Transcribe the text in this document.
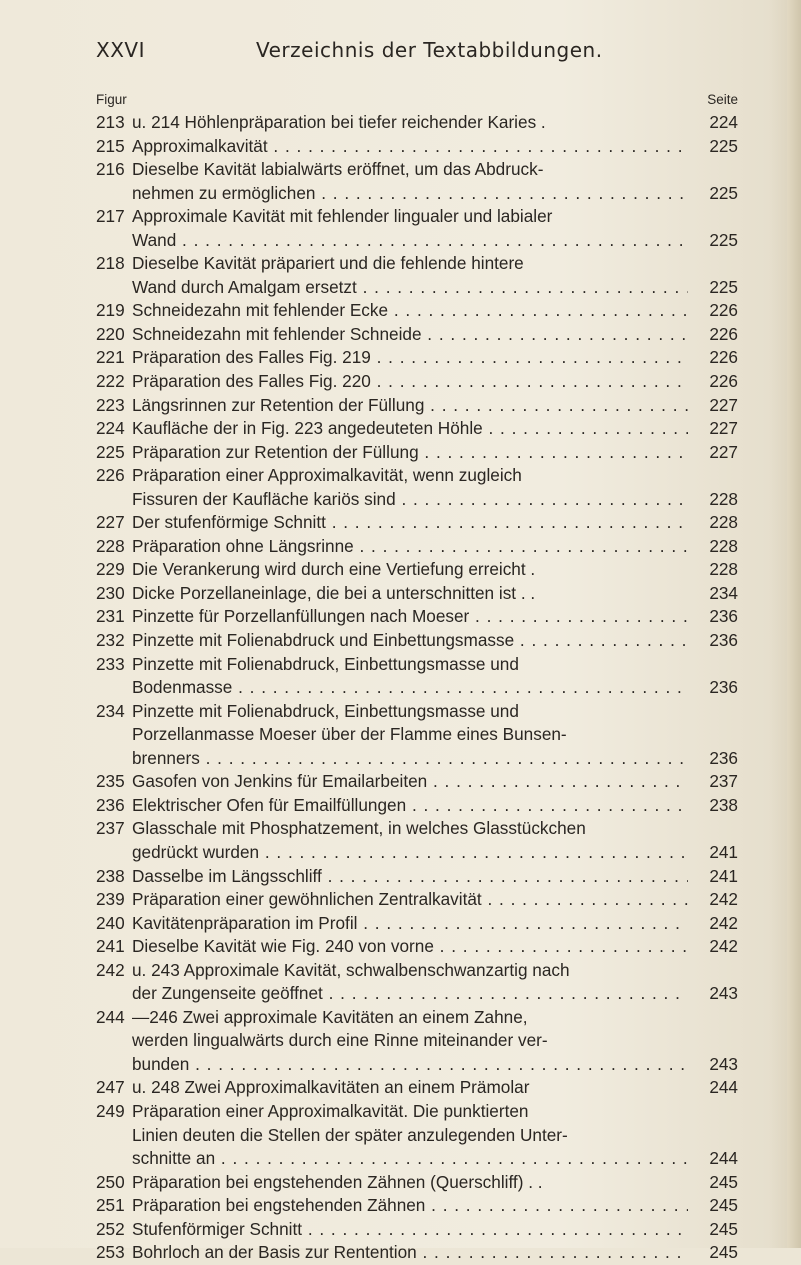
XXVI	Verzeichnis der Textabbildungen.
Figur	Seite
213 u. 214 Höhlenpräparation bei tiefer reichender Karies .	224
215 Approximalkavität . . .	225
216 Dieselbe Kavität labialwärts eröffnet, um das Abdruck-
nehmen zu ermöglichen . . .	225
217 Approximale Kavität mit fehlender lingualer und labialer
Wand . . .	225
218 Dieselbe Kavität präpariert und die fehlende hintere
Wand durch Amalgam ersetzt . . .	225
219 Schneidezahn mit fehlender Ecke . . .	226
220 Schneidezahn mit fehlender Schneide . . .	226
221 Präparation des Falles Fig. 219 . . .	226
222 Präparation des Falles Fig. 220 . . .	226
223 Längsrinnen zur Retention der Füllung . . .	227
224 Kaufläche der in Fig. 223 angedeuteten Höhle . . .	227
225 Präparation zur Retention der Füllung . . .	227
226 Präparation einer Approximalkavität, wenn zugleich
Fissuren der Kaufläche kariös sind . . .	228
227 Der stufenförmige Schnitt . . .	228
228 Präparation ohne Längsrinne . . .	228
229 Die Verankerung wird durch eine Vertiefung erreicht .	228
230 Dicke Porzellaneinlage, die bei a unterschnitten ist . .	234
231 Pinzette für Porzellanfüllungen nach Moeser . . .	236
232 Pinzette mit Folienabdruck und Einbettungsmasse . . .	236
233 Pinzette mit Folienabdruck, Einbettungsmasse und
Bodenmasse . . .	236
234 Pinzette mit Folienabdruck, Einbettungsmasse und
Porzellanmasse Moeser über der Flamme eines Bunsen-
brenners . . .	236
235 Gasofen von Jenkins für Emailarbeiten . . .	237
236 Elektrischer Ofen für Emailfüllungen . . .	238
237 Glasschale mit Phosphatzement, in welches Glasstückchen
gedrückt wurden . . .	241
238 Dasselbe im Längsschliff . . .	241
239 Präparation einer gewöhnlichen Zentralkavität . . .	242
240 Kavitätenpräparation im Profil . . .	242
241 Dieselbe Kavität wie Fig. 240 von vorne . . .	242
242 u. 243 Approximale Kavität, schwalbenschwanzartig nach
der Zungenseite geöffnet . . .	243
244 —246 Zwei approximale Kavitäten an einem Zahne,
werden lingualwärts durch eine Rinne miteinander ver-
bunden . . .	243
247 u. 248 Zwei Approximalkavitäten an einem Prämolar	244
249 Präparation einer Approximalkavität. Die punktierten
Linien deuten die Stellen der später anzulegenden Unter-
schnitte an . . .	244
250 Präparation bei engstehenden Zähnen (Querschliff) . .	245
251 Präparation bei engstehenden Zähnen . . .	245
252 Stufenförmiger Schnitt . . .	245
253 Bohrloch an der Basis zur Rentention . . .	245
